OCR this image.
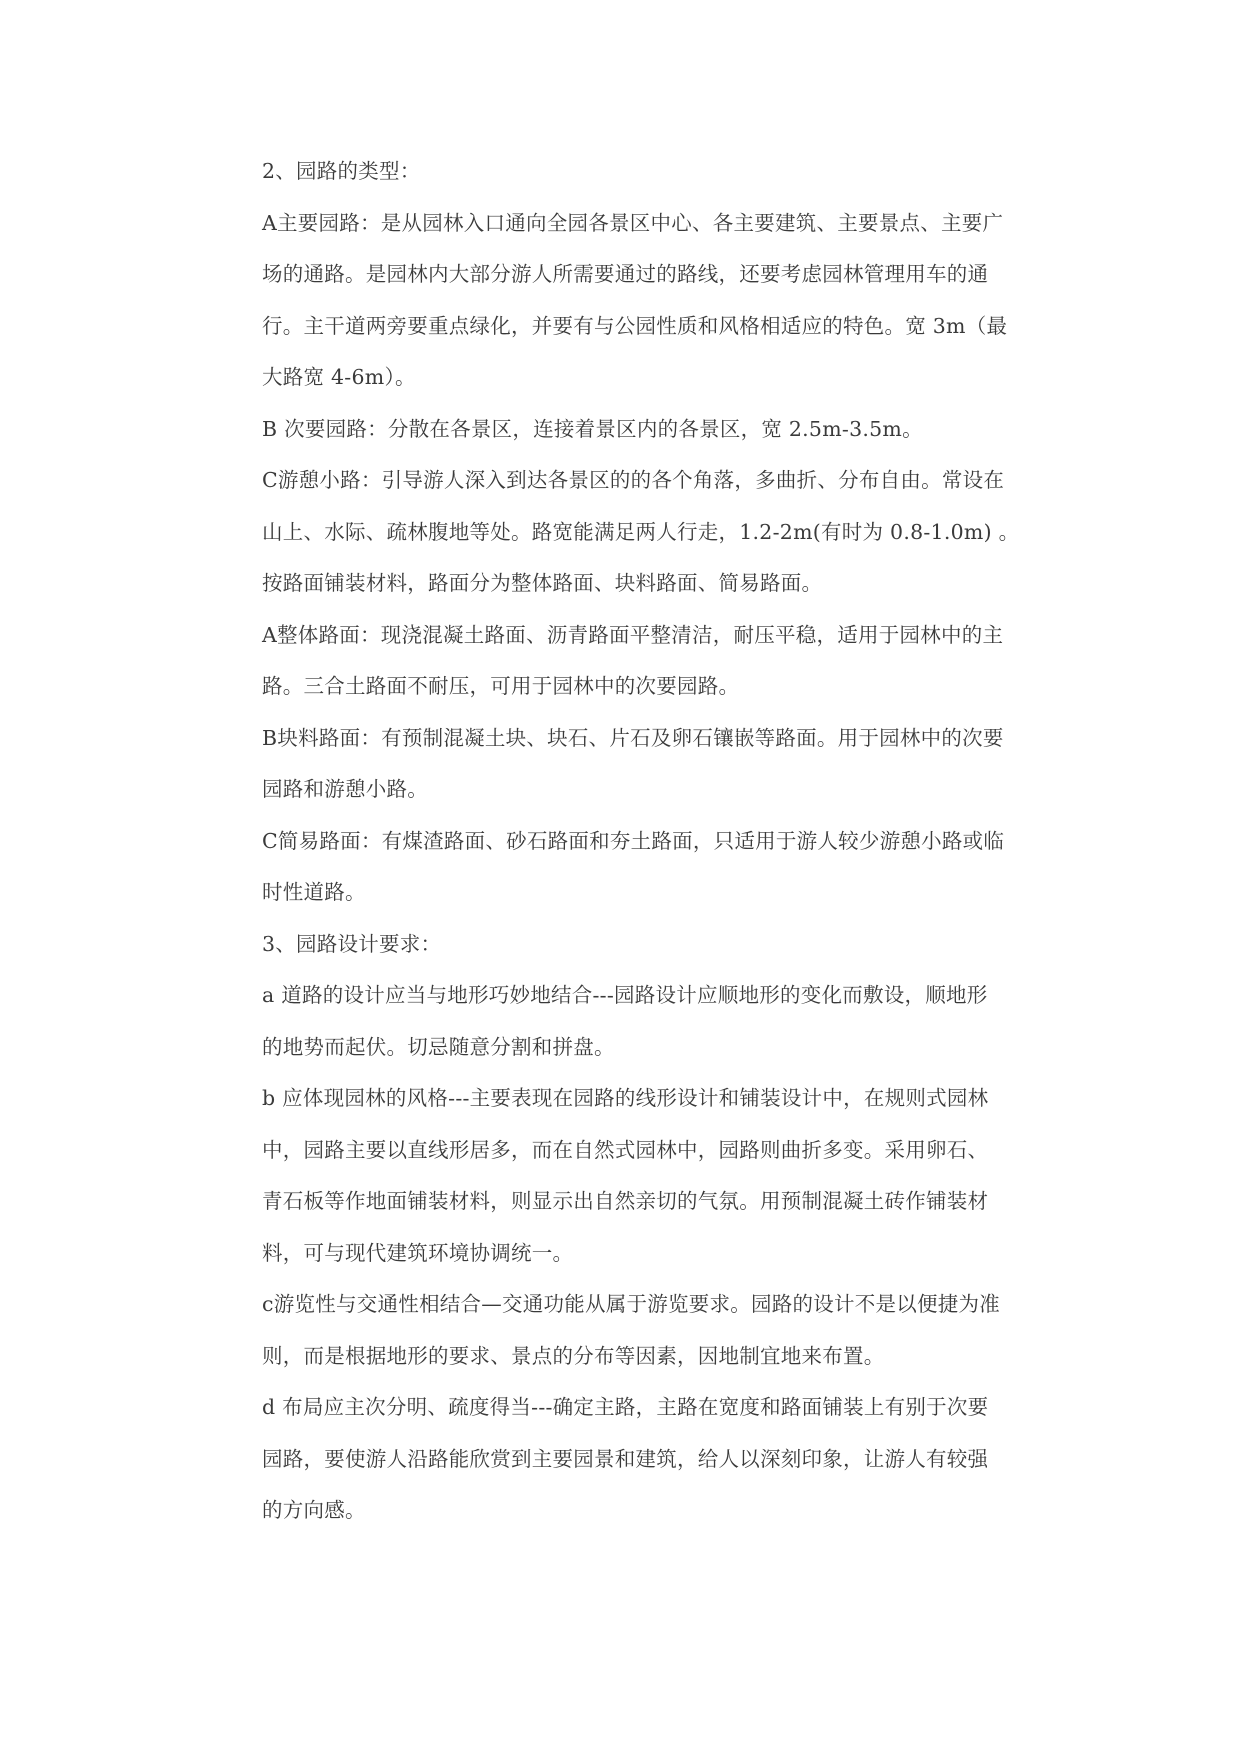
2、园路的类型：
A主要园路：是从园林入口通向全园各景区中心、各主要建筑、主要景点、主要广
场的通路。是园林内大部分游人所需要通过的路线，还要考虑园林管理用车的通
行。主干道两旁要重点绿化，并要有与公园性质和风格相适应的特色。宽 3m（最
大路宽 4-6m）。
B 次要园路：分散在各景区，连接着景区内的各景区，宽 2.5m-3.5m。
C游憩小路：引导游人深入到达各景区的的各个角落，多曲折、分布自由。常设在
山上、水际、疏林腹地等处。路宽能满足两人行走，1.2-2m(有时为 0.8-1.0m) 。
按路面铺装材料，路面分为整体路面、块料路面、简易路面。
A整体路面：现浇混凝土路面、沥青路面平整清洁，耐压平稳，适用于园林中的主
路。三合土路面不耐压，可用于园林中的次要园路。
B块料路面：有预制混凝土块、块石、片石及卵石镶嵌等路面。用于园林中的次要
园路和游憩小路。
C简易路面：有煤渣路面、砂石路面和夯土路面，只适用于游人较少游憩小路或临
时性道路。
3、园路设计要求：
a 道路的设计应当与地形巧妙地结合---园路设计应顺地形的变化而敷设，顺地形
的地势而起伏。切忌随意分割和拼盘。
b 应体现园林的风格---主要表现在园路的线形设计和铺装设计中，在规则式园林
中，园路主要以直线形居多，而在自然式园林中，园路则曲折多变。采用卵石、
青石板等作地面铺装材料，则显示出自然亲切的气氛。用预制混凝土砖作铺装材
料，可与现代建筑环境协调统一。
c游览性与交通性相结合—交通功能从属于游览要求。园路的设计不是以便捷为准
则，而是根据地形的要求、景点的分布等因素，因地制宜地来布置。
d 布局应主次分明、疏度得当---确定主路，主路在宽度和路面铺装上有别于次要
园路，要使游人沿路能欣赏到主要园景和建筑，给人以深刻印象，让游人有较强
的方向感。
